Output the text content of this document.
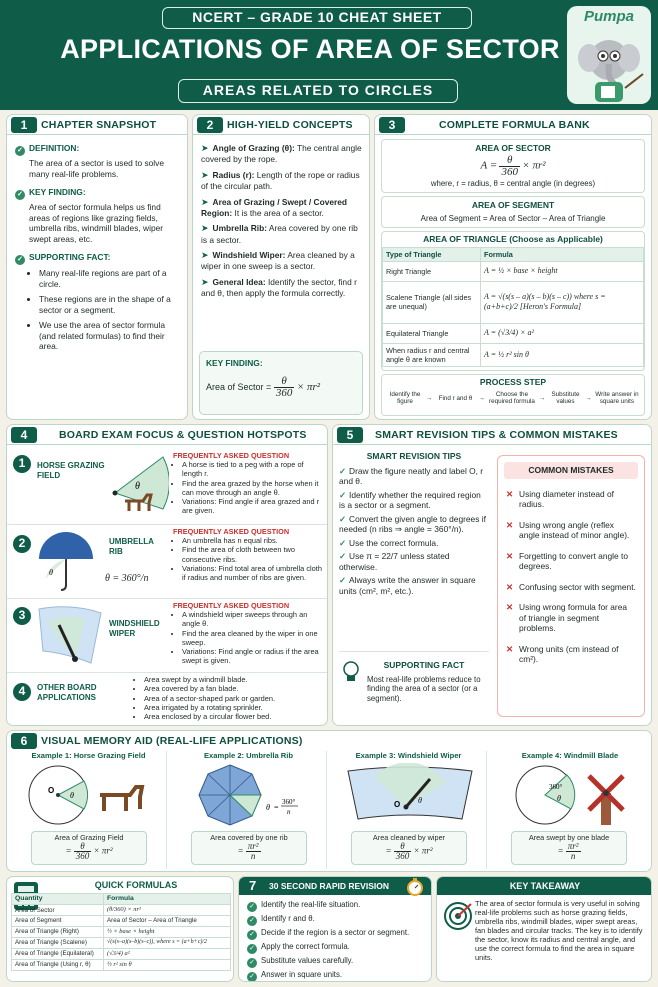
NCERT – GRADE 10 CHEAT SHEET
APPLICATIONS OF AREA OF SECTOR
AREAS RELATED TO CIRCLES
Pumpa
1	CHAPTER SNAPSHOT
✓ DEFINITION:
The area of a sector is used to solve many real-life problems.
✓ KEY FINDING:
Area of sector formula helps us find areas of regions like grazing fields, umbrella ribs, windmill blades, wiper swept areas, etc.
✓ SUPPORTING FACT:
• Many real-life regions are part of a circle.
• These regions are in the shape of a sector or a segment.
• We use the area of sector formula (and related formulas) to find their area.
2	HIGH-YIELD CONCEPTS
➤ Angle of Grazing (θ): The central angle covered by the rope.
➤ Radius (r): Length of the rope or radius of the circular path.
➤ Area of Grazing / Swept / Covered Region: It is the area of a sector.
➤ Umbrella Rib: Area covered by one rib is a sector.
➤ Windshield Wiper: Area cleaned by a wiper in one sweep is a sector.
➤ General Idea: Identify the sector, find r and θ, then apply the formula correctly.
KEY FINDING:
Area of Sector = $\frac{\theta}{360} \times \pi r^2$
3	COMPLETE FORMULA BANK
AREA OF SECTOR
$A = \frac{\theta}{360} \times \pi r^2$
where, r = radius, θ = central angle (in degrees)
AREA OF SEGMENT
Area of Segment = Area of Sector – Area of Triangle
AREA OF TRIANGLE (Choose as Applicable)
Type of Triangle	Formula
Right Triangle	A = ½ × base × height
Scalene Triangle (all sides are unequal)	A = √(s(s – a)(s – b)(s – c)) where s = (a+b+c)/2 [Heron's Formula]
Equilateral Triangle	A = (√3/4) × a²
When radius r and central angle θ are known	A = ½ r² sin θ
PROCESS STEP
Identify the figure
→ Find r and θ →
Choose the required formula
→
Substitute values
→
Write answer in square units
4	BOARD EXAM FOCUS & QUESTION HOTSPOTS
1	HORSE GRAZING FIELD
θ
FREQUENTLY ASKED QUESTION
• A horse is tied to a peg with a rope of length r.
• Find the area grazed by the horse when it can move through an angle θ.
• Variations: Find angle if area grazed and r are given.
2
θ
UMBRELLA RIB
θ = 360°/n
FREQUENTLY ASKED QUESTION
• An umbrella has n equal ribs.
• Find the area of cloth between two consecutive ribs.
• Variations: Find total area of umbrella cloth if radius and number of ribs are given.
3
WINDSHIELD WIPER
FREQUENTLY ASKED QUESTION
• A windshield wiper sweeps through an angle θ.
• Find the area cleaned by the wiper in one sweep.
• Variations: Find angle or radius if the area swept is given.
4	OTHER BOARD APPLICATIONS
• Area swept by a windmill blade.
• Area covered by a fan blade.
• Area of a sector-shaped park or garden.
• Area irrigated by a rotating sprinkler.
• Area enclosed by a circular flower bed.
5	SMART REVISION TIPS & COMMON MISTAKES
SMART REVISION TIPS
✓ Draw the figure neatly and label O, r and θ.
✓ Identify whether the required region is a sector or a segment.
✓ Convert the given angle to degrees if needed (n ribs ⇒ angle = 360°/n).
✓ Use the correct formula.
✓ Use π = 22/7 unless stated otherwise.
✓ Always write the answer in square units (cm², m², etc.).
SUPPORTING FACT
Most real-life problems reduce to finding the area of a sector (or a segment).
COMMON MISTAKES
✕ Using diameter instead of radius.
✕ Using wrong angle (reflex angle instead of minor angle).
✕ Forgetting to convert angle to degrees.
✕ Confusing sector with segment.
✕ Using wrong formula for area of triangle in segment problems.
✕ Wrong units (cm instead of cm²).
6	VISUAL MEMORY AID (REAL-LIFE APPLICATIONS)
Example 1: Horse Grazing Field
O
θ
Area of Grazing Field
= $\frac{\theta}{360} \times \pi r^2$
Example 2: Umbrella Rib
θ =
360°
n
Area covered by one rib
= $\frac{\text{πr²}}{n}$
Example 3: Windshield Wiper
O θ
Area cleaned by wiper
= $\frac{\theta}{360} \times \pi r^2$
Example 4: Windmill Blade
360°
θ
Area swept by one blade
= $\frac{\text{πr²}}{n}$
QUICK FORMULAS
Quantity	Formula
Area of Sector	(θ/360) × πr²
Area of Segment	Area of Sector – Area of Triangle
Area of Triangle (Right)	½ × base × height
Area of Triangle (Scalene)	√(s(s–a)(s–b)(s–c)), where s = (a+b+c)/2
Area of Triangle (Equilateral)	(√3/4) a²
Area of Triangle (Using r, θ)	½ r² sin θ
7 30 SECOND RAPID REVISION
✓ Identify the real-life situation.
✓ Identify r and θ.
✓ Decide if the region is a sector or segment.
✓ Apply the correct formula.
✓ Substitute values carefully.
✓ Answer in square units.
KEY TAKEAWAY
The area of sector formula is very useful in solving real-life problems such as horse grazing fields, umbrella ribs, windmill blades, wiper swept areas, fan blades and circular tracks. The key is to identify the sector, know its radius and central angle, and use the correct formula to find the area in square units.
